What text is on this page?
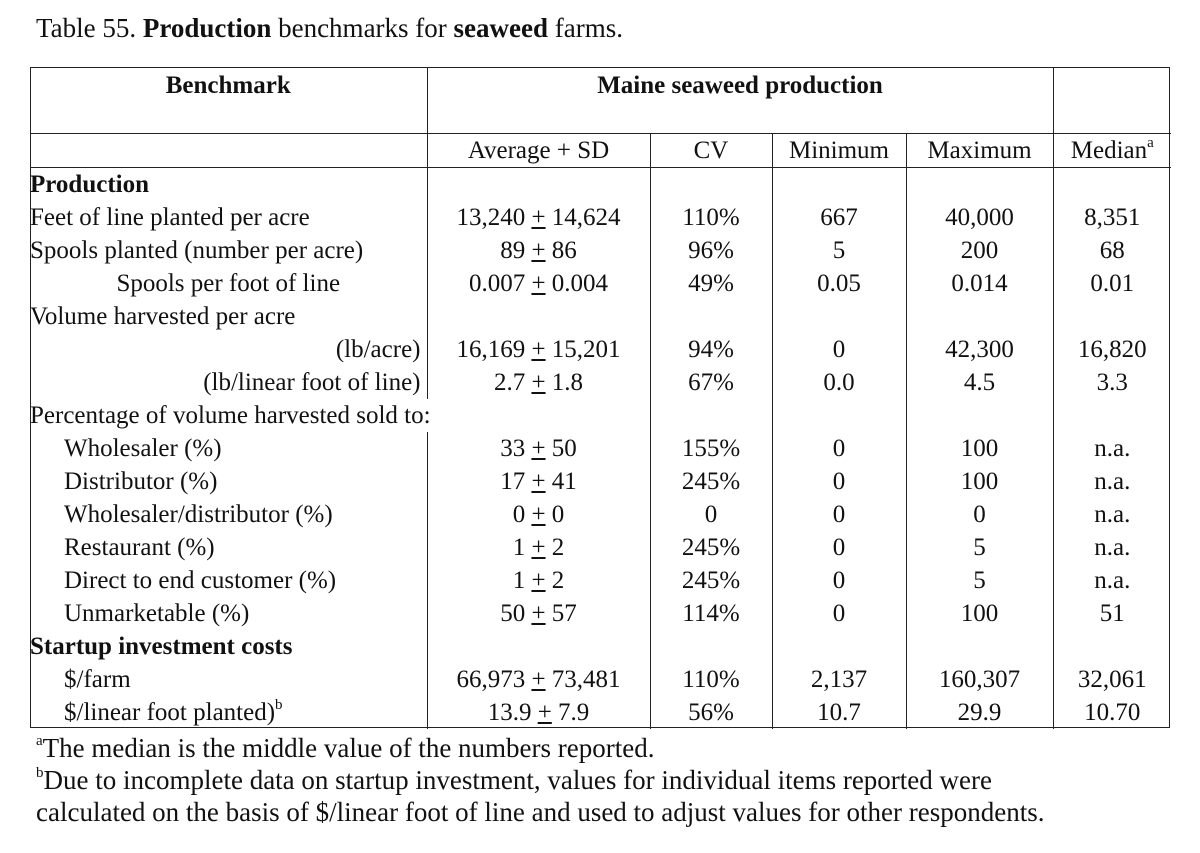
Table 55. Production benchmarks for seaweed farms.
Benchmark	Maine seaweed production				
	Average + SD	CV	Minimum	Maximum	Median$^a$
Production					
Feet of line planted per acre	13,240 + 14,624	110%	667	40,000	8,351
Spools planted (number per acre)	89 + 86	96%	5	200	68
Spools per foot of line	0.007 + 0.004	49%	0.05	0.014	0.01
Volume harvested per acre					
(lb/acre)	16,169 + 15,201	94%	0	42,300	16,820
(lb/linear foot of line)	2.7 + 1.8	67%	0.0	4.5	3.3
Percentage of volume harvested sold to:					
Wholesaler (%)	33 + 50	155%	0	100	n.a.
Distributor (%)	17 + 41	245%	0	100	n.a.
Wholesaler/distributor (%)	0 + 0	0	0	0	n.a.
Restaurant (%)	1 + 2	245%	0	5	n.a.
Direct to end customer (%)	1 + 2	245%	0	5	n.a.
Unmarketable (%)	50 + 57	114%	0	100	51
Startup investment costs					
$/farm	66,973 + 73,481	110%	2,137	160,307	32,061
$/linear foot planted)$^b$	13.9 + 7.9	56%	10.7	29.9	10.70
$^a$The median is the middle value of the numbers reported.
$^b$Due to incomplete data on startup investment, values for individual items reported were
calculated on the basis of $/linear foot of line and used to adjust values for other respondents.
